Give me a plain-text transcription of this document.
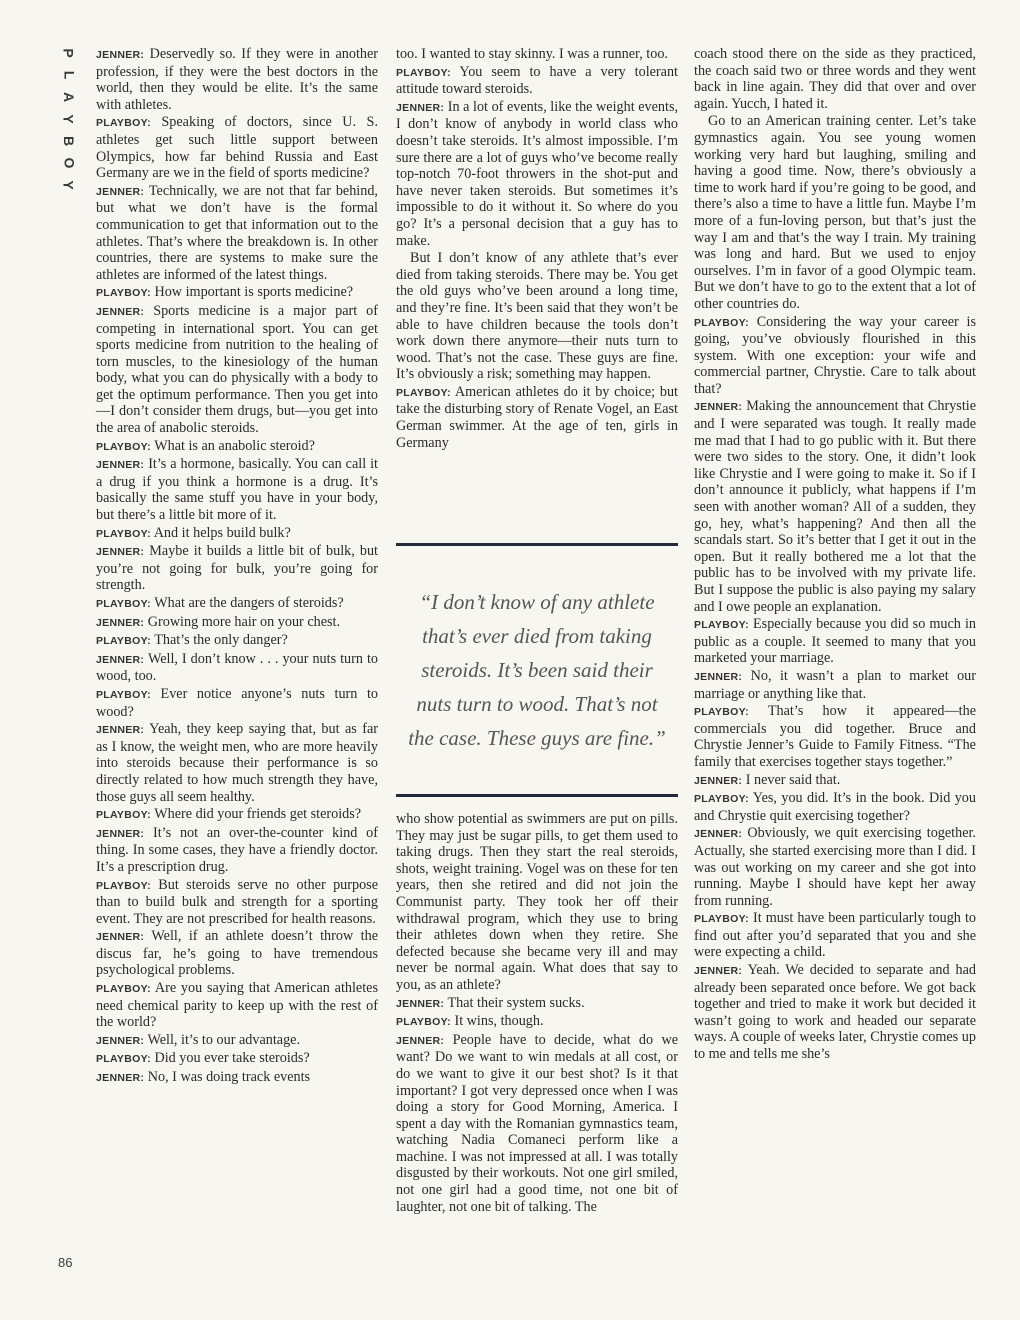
P
L
A
Y
B
O
Y

JENNER: Deservedly so. If they were in another profession, if they were the best doctors in the world, then they would be elite. It’s the same with athletes.

PLAYBOY: Speaking of doctors, since U. S. athletes get such little support between Olympics, how far behind Russia and East Germany are we in the field of sports medicine?

JENNER: Technically, we are not that far behind, but what we don’t have is the formal communication to get that information out to the athletes. That’s where the breakdown is. In other countries, there are systems to make sure the athletes are informed of the latest things.

PLAYBOY: How important is sports medicine?

JENNER: Sports medicine is a major part of competing in international sport. You can get sports medicine from nutrition to the healing of torn muscles, to the kinesiology of the human body, what you can do physically with a body to get the optimum performance. Then you get into—I don’t consider them drugs, but—you get into the area of anabolic steroids.

PLAYBOY: What is an anabolic steroid?

JENNER: It’s a hormone, basically. You can call it a drug if you think a hormone is a drug. It’s basically the same stuff you have in your body, but there’s a little bit more of it.

PLAYBOY: And it helps build bulk?

JENNER: Maybe it builds a little bit of bulk, but you’re not going for bulk, you’re going for strength.

PLAYBOY: What are the dangers of steroids?

JENNER: Growing more hair on your chest.

PLAYBOY: That’s the only danger?

JENNER: Well, I don’t know . . . your nuts turn to wood, too.

PLAYBOY: Ever notice anyone’s nuts turn to wood?

JENNER: Yeah, they keep saying that, but as far as I know, the weight men, who are more heavily into steroids because their performance is so directly related to how much strength they have, those guys all seem healthy.

PLAYBOY: Where did your friends get steroids?

JENNER: It’s not an over-the-counter kind of thing. In some cases, they have a friendly doctor. It’s a prescription drug.

PLAYBOY: But steroids serve no other purpose than to build bulk and strength for a sporting event. They are not prescribed for health reasons.

JENNER: Well, if an athlete doesn’t throw the discus far, he’s going to have tremendous psychological problems.

PLAYBOY: Are you saying that American athletes need chemical parity to keep up with the rest of the world?

JENNER: Well, it’s to our advantage.

PLAYBOY: Did you ever take steroids?

JENNER: No, I was doing track events

too. I wanted to stay skinny. I was a runner, too.

PLAYBOY: You seem to have a very tolerant attitude toward steroids.

JENNER: In a lot of events, like the weight events, I don’t know of anybody in world class who doesn’t take steroids. It’s almost impossible. I’m sure there are a lot of guys who’ve become really top-notch 70-foot throwers in the shot-put and have never taken steroids. But sometimes it’s impossible to do it without it. So where do you go? It’s a personal decision that a guy has to make.

But I don’t know of any athlete that’s ever died from taking steroids. There may be. You get the old guys who’ve been around a long time, and they’re fine. It’s been said that they won’t be able to have children because the tools don’t work down there anymore—their nuts turn to wood. That’s not the case. These guys are fine. It’s obviously a risk; something may happen.

PLAYBOY: American athletes do it by choice; but take the disturbing story of Renate Vogel, an East German swimmer. At the age of ten, girls in Germany

“I don’t know of any athlete that’s ever died from taking steroids. It’s been said their nuts turn to wood. That’s not the case. These guys are fine.”

who show potential as swimmers are put on pills. They may just be sugar pills, to get them used to taking drugs. Then they start the real steroids, shots, weight training. Vogel was on these for ten years, then she retired and did not join the Communist party. They took her off their withdrawal program, which they use to bring their athletes down when they retire. She defected because she became very ill and may never be normal again. What does that say to you, as an athlete?

JENNER: That their system sucks.

PLAYBOY: It wins, though.

JENNER: People have to decide, what do we want? Do we want to win medals at all cost, or do we want to give it our best shot? Is it that important? I got very depressed once when I was doing a story for Good Morning, America. I spent a day with the Romanian gymnastics team, watching Nadia Comaneci perform like a machine. I was not impressed at all. I was totally disgusted by their workouts. Not one girl smiled, not one girl had a good time, not one bit of laughter, not one bit of talking. The

coach stood there on the side as they practiced, the coach said two or three words and they went back in line again. They did that over and over again. Yucch, I hated it.

Go to an American training center. Let’s take gymnastics again. You see young women working very hard but laughing, smiling and having a good time. Now, there’s obviously a time to work hard if you’re going to be good, and there’s also a time to have a little fun. Maybe I’m more of a fun-loving person, but that’s just the way I am and that’s the way I train. My training was long and hard. But we used to enjoy ourselves. I’m in favor of a good Olympic team. But we don’t have to go to the extent that a lot of other countries do.

PLAYBOY: Considering the way your career is going, you’ve obviously flourished in this system. With one exception: your wife and commercial partner, Chrystie. Care to talk about that?

JENNER: Making the announcement that Chrystie and I were separated was tough. It really made me mad that I had to go public with it. But there were two sides to the story. One, it didn’t look like Chrystie and I were going to make it. So if I don’t announce it publicly, what happens if I’m seen with another woman? All of a sudden, they go, hey, what’s happening? And then all the scandals start. So it’s better that I get it out in the open. But it really bothered me a lot that the public has to be involved with my private life. But I suppose the public is also paying my salary and I owe people an explanation.

PLAYBOY: Especially because you did so much in public as a couple. It seemed to many that you marketed your marriage.

JENNER: No, it wasn’t a plan to market our marriage or anything like that.

PLAYBOY: That’s how it appeared—the commercials you did together. Bruce and Chrystie Jenner’s Guide to Family Fitness. “The family that exercises together stays together.”

JENNER: I never said that.

PLAYBOY: Yes, you did. It’s in the book. Did you and Chrystie quit exercising together?

JENNER: Obviously, we quit exercising together. Actually, she started exercising more than I did. I was out working on my career and she got into running. Maybe I should have kept her away from running.

PLAYBOY: It must have been particularly tough to find out after you’d separated that you and she were expecting a child.

JENNER: Yeah. We decided to separate and had already been separated once before. We got back together and tried to make it work but decided it wasn’t going to work and headed our separate ways. A couple of weeks later, Chrystie comes up to me and tells me she’s

86
